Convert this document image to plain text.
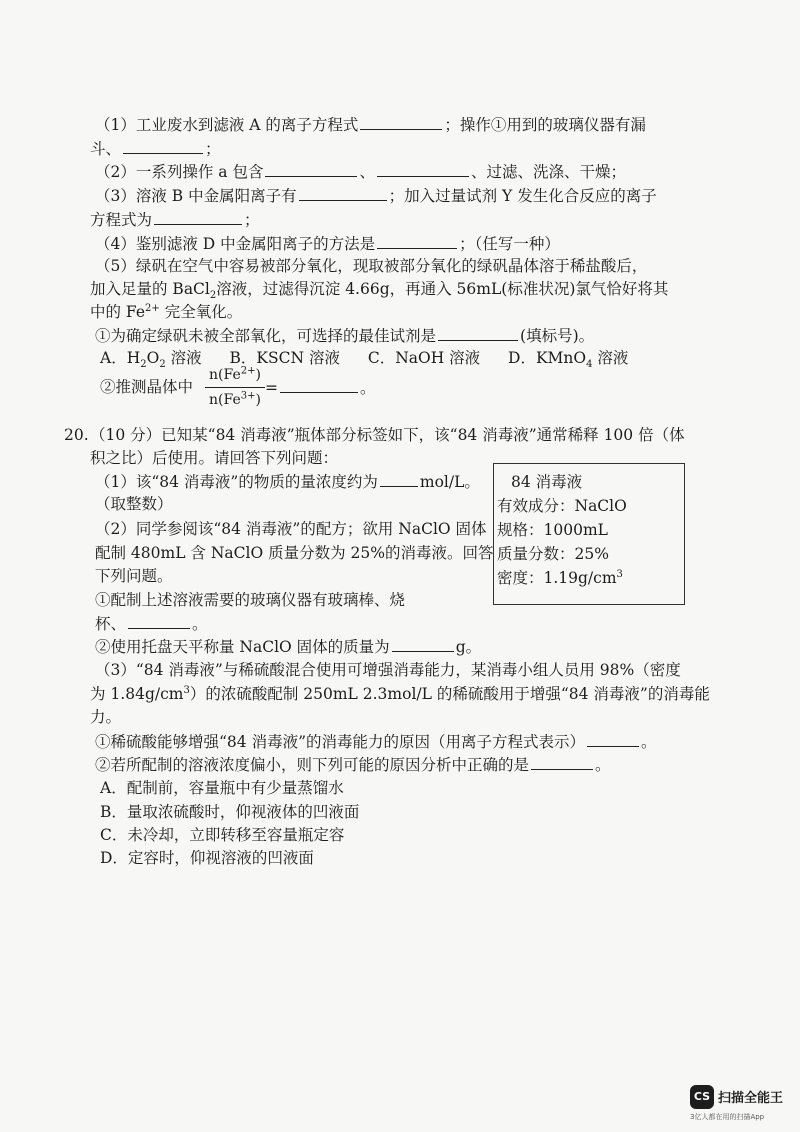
（1）工业废水到滤液 A 的离子方程式	；操作①用到的玻璃仪器有漏
斗、	；
（2）一系列操作 a 包含	、	、过滤、洗涤、干燥；
（3）溶液 B 中金属阳离子有	；加入过量试剂 Y 发生化合反应的离子
方程式为	；
（4）鉴别滤液 D 中金属阳离子的方法是	；（任写一种）
（5）绿矾在空气中容易被部分氧化，现取被部分氧化的绿矾晶体溶于稀盐酸后，
加入足量的 BaCl$_2$溶液，过滤得沉淀 4.66g，再通入 56mL(标准状况)氯气恰好将其
中的 $Fe^{2+}$ 完全氧化。
①为确定绿矾未被全部氧化，可选择的最佳试剂是	(填标号)。
A．$H_2O_2$ 溶液 B．KSCN 溶液 C．NaOH 溶液 D．KMnO$_4$ 溶液
②推测晶体中
$n(Fe^{2+})$
$n(Fe^{3+})$
=	。
20. （10 分）已知某“84 消毒液”瓶体部分标签如下，该“84 消毒液”通常稀释 100 倍（体
积之比）后使用。请回答下列问题：
（1）该“84 消毒液”的物质的量浓度约为	mol/L。
（取整数）
（2）同学参阅该“84 消毒液”的配方；欲用 NaClO 固体
配制 480mL 含 NaClO 质量分数为 25%的消毒液。回答
下列问题。
①配制上述溶液需要的玻璃仪器有玻璃棒、烧
杯、	。
②使用托盘天平称量 NaClO 固体的质量为	g。
（3）“84 消毒液”与稀硫酸混合使用可增强消毒能力，某消毒小组人员用 98%（密度
为 $1.84g/cm^3$）的浓硫酸配制 250mL 2.3mol/L 的稀硫酸用于增强“84 消毒液”的消毒能
力。
①稀硫酸能够增强“84 消毒液”的消毒能力的原因（用离子方程式表示）	。
②若所配制的溶液浓度偏小，则下列可能的原因分析中正确的是	。
A．配制前，容量瓶中有少量蒸馏水
B．量取浓硫酸时，仰视液体的凹液面
C．未冷却，立即转移至容量瓶定容
D．定容时，仰视溶液的凹液面
84 消毒液
有效成分：NaClO
规格：1000mL
质量分数：25%
密度：$1.19g/cm^3$
CS 扫描全能王
3亿人都在用的扫描App
